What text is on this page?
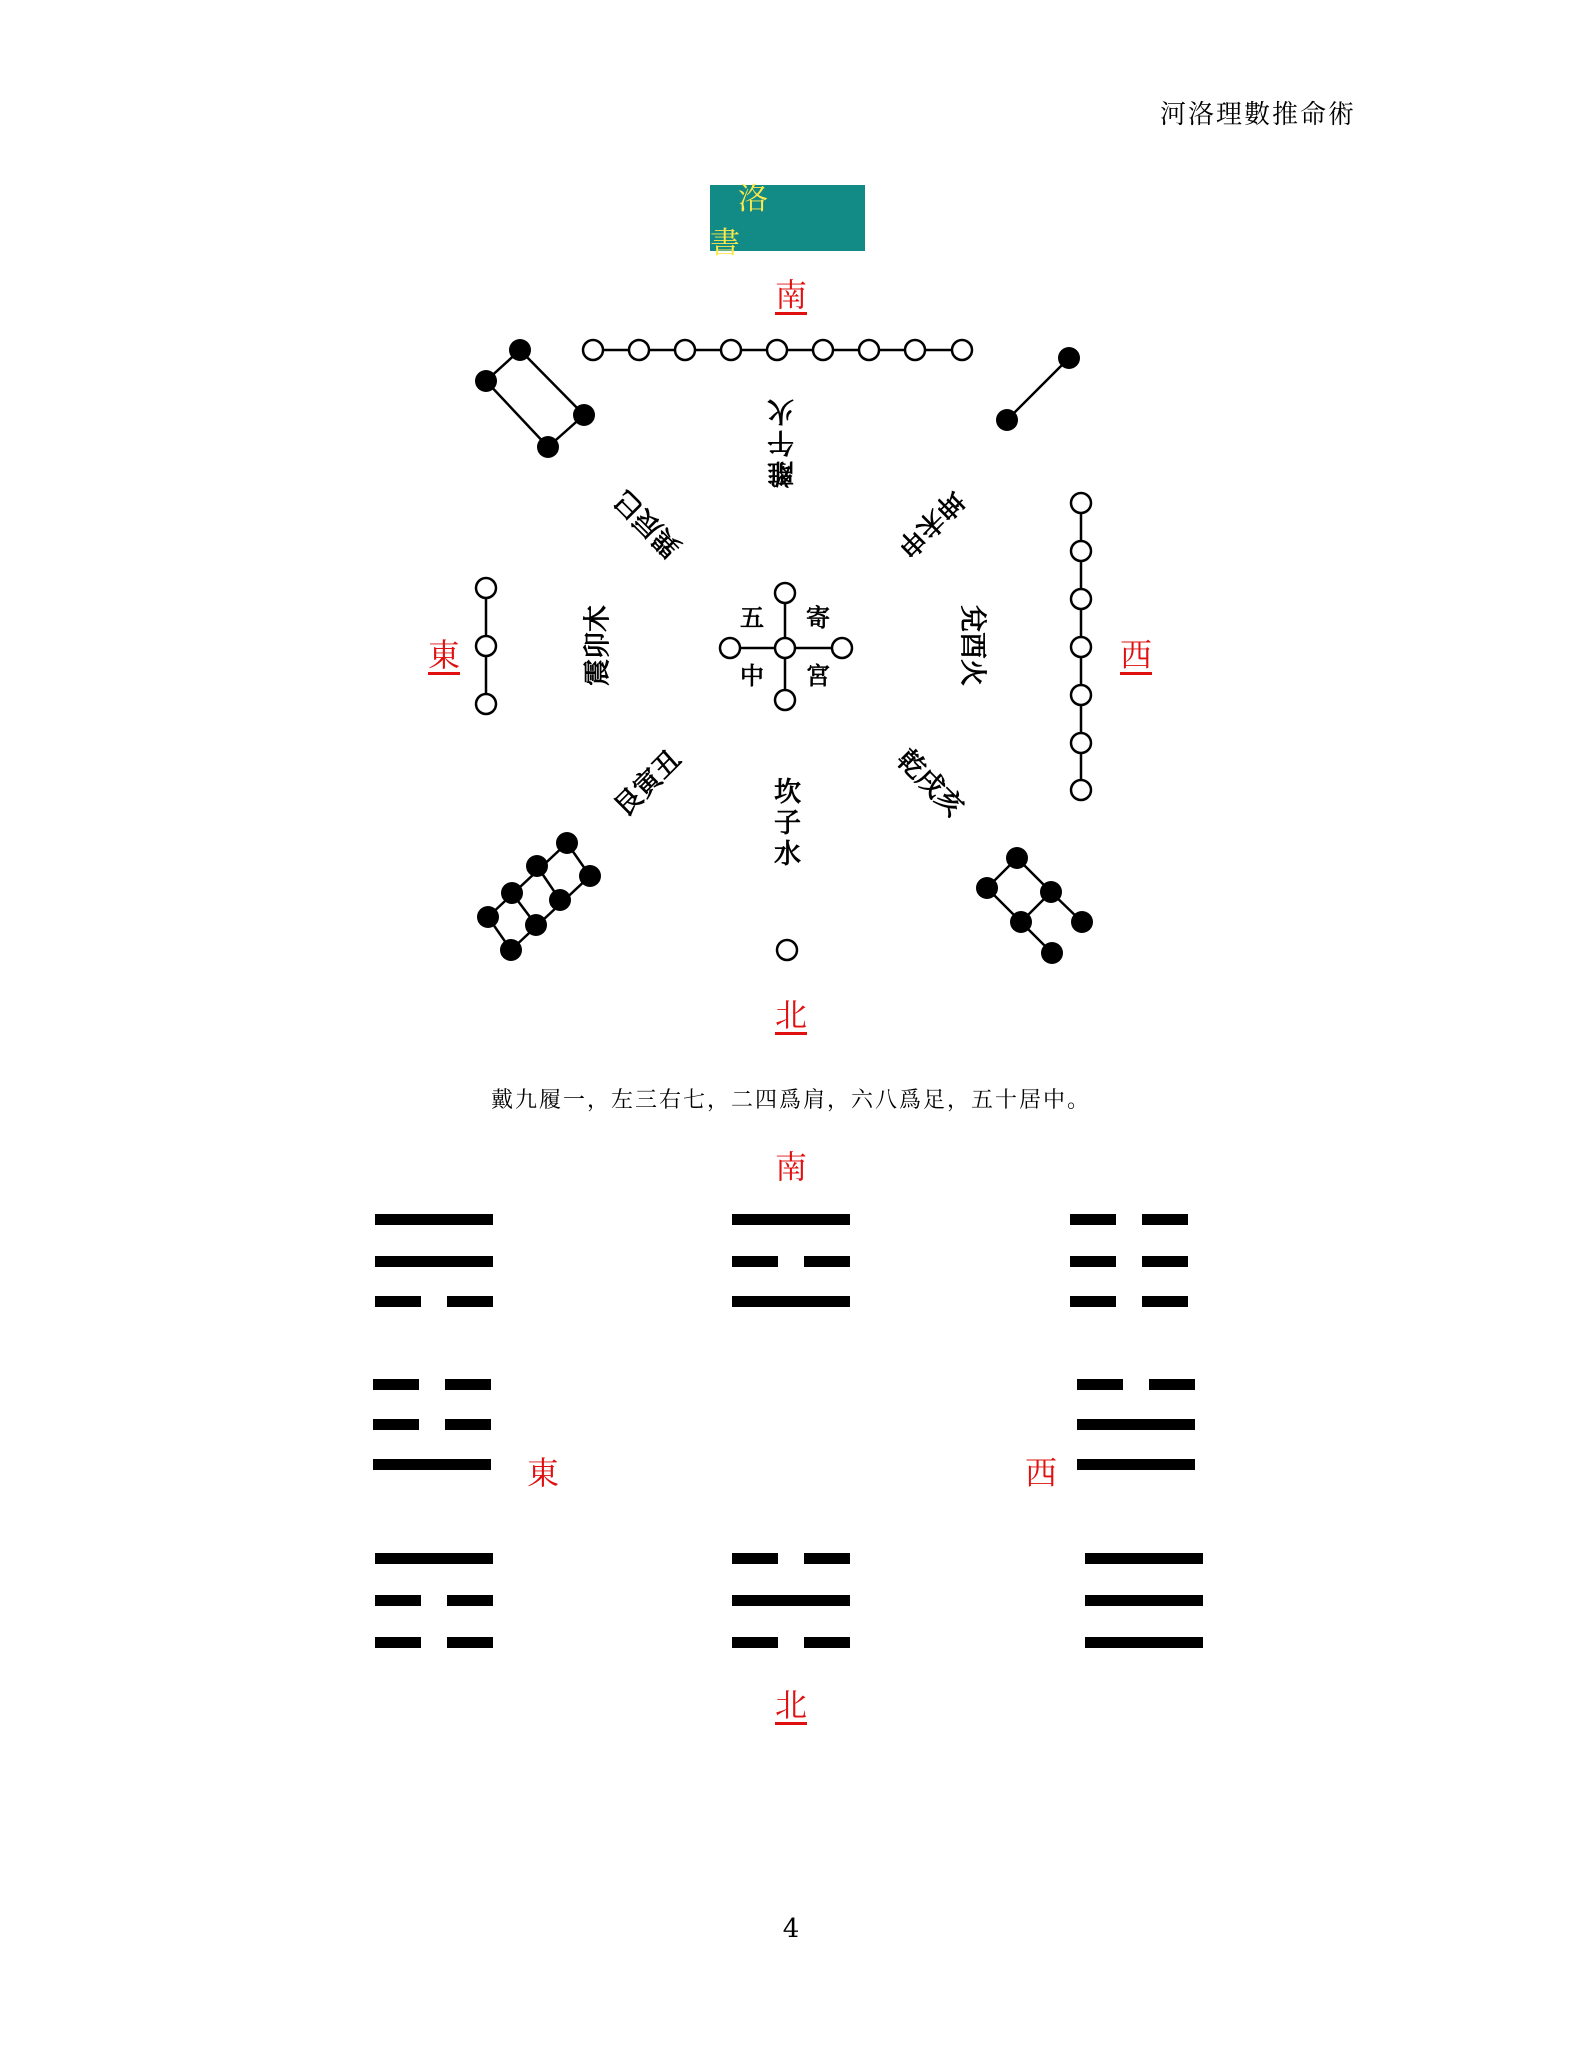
河洛理數推命術
洛　書
南
北
東	西
離午火
坎子水
震卯木	兌酉火
巽辰巳	坤未申
艮寅丑	乾戌亥
五 寄
中 宮
戴九履一，左三右七，二四爲肩，六八爲足，五十居中。
南
北
東	西
4
